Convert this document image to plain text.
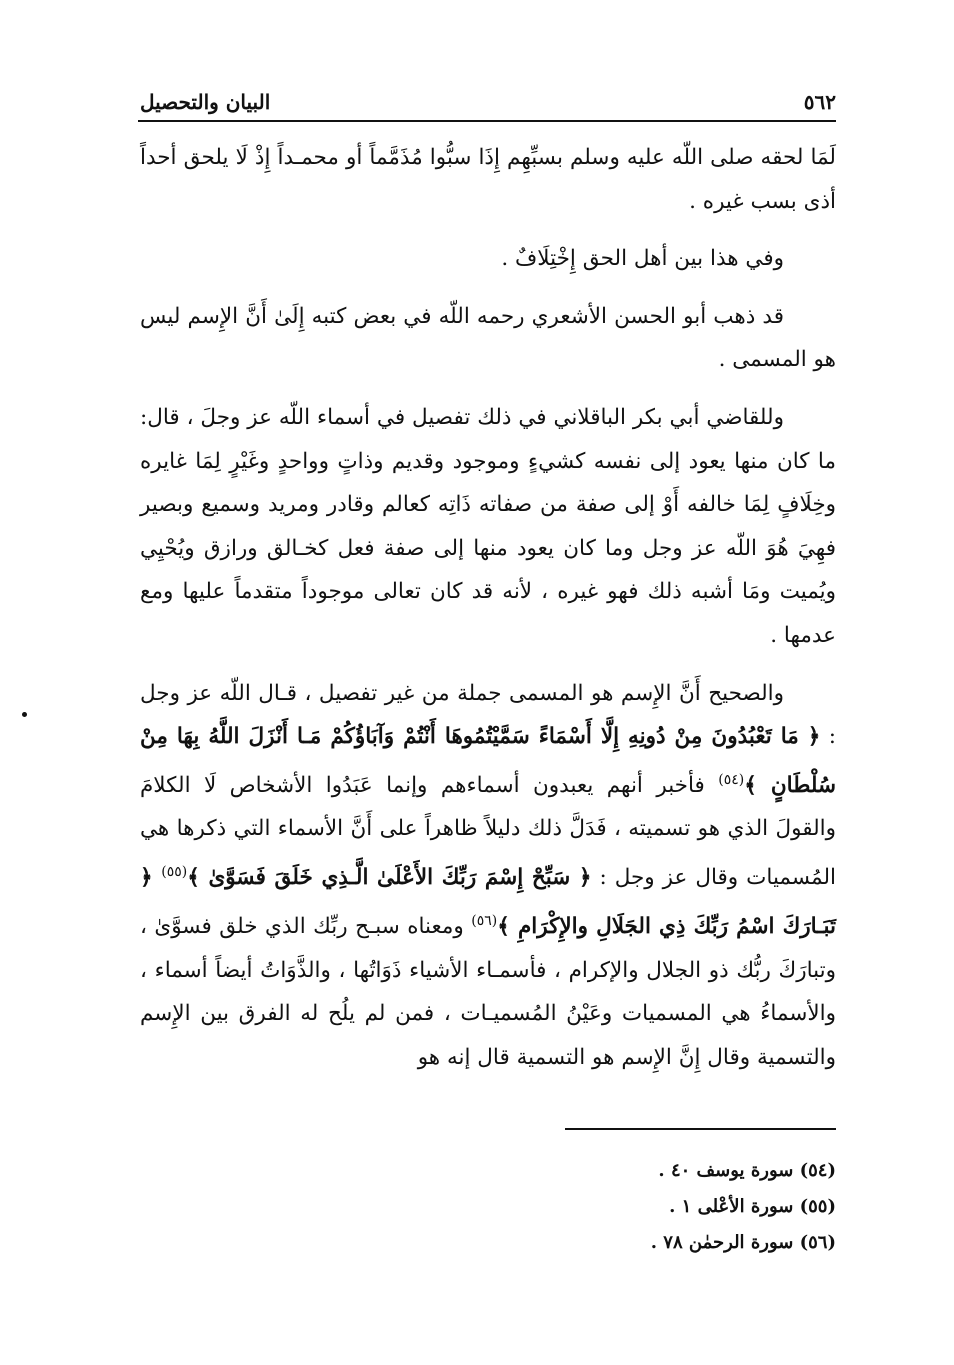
٥٦٢
البيان والتحصيل

لَمَا لحقه صلى اللّه عليه وسلم بسبِّهِم إِذَا سبُّوا مُذَمَّماً أو محمـداً إِذْ لَا يلحق أحداً أذى بسب غيره .

وفي هذا بين أهل الحق إِخْتِلَافٌ .

قد ذهب أبو الحسن الأشعري رحمه اللّه في بعض كتبه إِلَىٰ أَنَّ الإِسم ليس هو المسمى .

وللقاضي أبي بكر الباقلاني في ذلك تفصيل في أسماء اللّه عز وجلَ ، قال: ما كان منها يعود إلى نفسه كشيءٍ وموجود وقديم وذاتٍ وواحدٍ وغَيْرٍ لِمَا غايره وخِلَافٍ لِمَا خالفه أَوْ إلى صفة من صفاته ذَاتِه كعالم وقادر ومريد وسميع وبصير فهِيَ هُوَ اللّه عز وجل وما كان يعود منها إلى صفة فعل كخـالق ورازق ويُحْيِي ويُميت ومَا أشبه ذلك فهو غيره ، لأنه قد كان تعالى موجوداً متقدماً عليها ومع عدمها .

والصحيح أَنَّ الإِسم هو المسمى جملة من غير تفصيل ، قـال اللّه عز وجل : ﴿ مَا تَعْبُدُونَ مِنْ دُونِهِ إِلَّا أَسْمَاءً سَمَّيْتُمُوهَا أَنْتُمْ وَآبَاؤُكُمْ مَـا أَنْزَلَ اللَّهُ بِهَا مِنْ سُلْطَانٍ ﴾$^{(٥٤)}$ فأخبر أنهم يعبدون أسماءهم وإنما عَبَدُوا الأشخاص لَا الكلامَ والقولَ الذي هو تسميته ، فَدَلَّ ذلك دليلاً ظاهراً على أَنَّ الأسماء التي ذكرها هي المُسميات وقال عز وجل : ﴿ سَبِّحْ إِسْمَ رَبِّكَ الأَعْلَىٰ الَّـذِي خَلَقَ فَسَوَّىٰ ﴾$^{(٥٥)}$ ﴿ تَبَـارَكَ اسْمُ رَبِّكَ ذِي الجَلَالِ والإِكْرَامِ ﴾$^{(٥٦)}$ ومعناه سبـح ربِّك الذي خلق فسوَّىٰ ، وتبارَكَ ربُّك ذو الجلال والإكرام ، فأسمـاء الأشياء ذَوَاتُها ، والذَّوَاتُ أيضاً أسماء ، والأسماءُ هي المسميات وعَيْنُ المُسميـات ، فمن لم يلُح له الفرق بين الإِسم والتسمية وقال إِنَّ الإِسم هو التسمية قال إنه هو

(٥٤) سورة يوسف ٤٠ .
(٥٥) سورة الأعْلى ١ .
(٥٦) سورة الرحمٰن ٧٨ .
